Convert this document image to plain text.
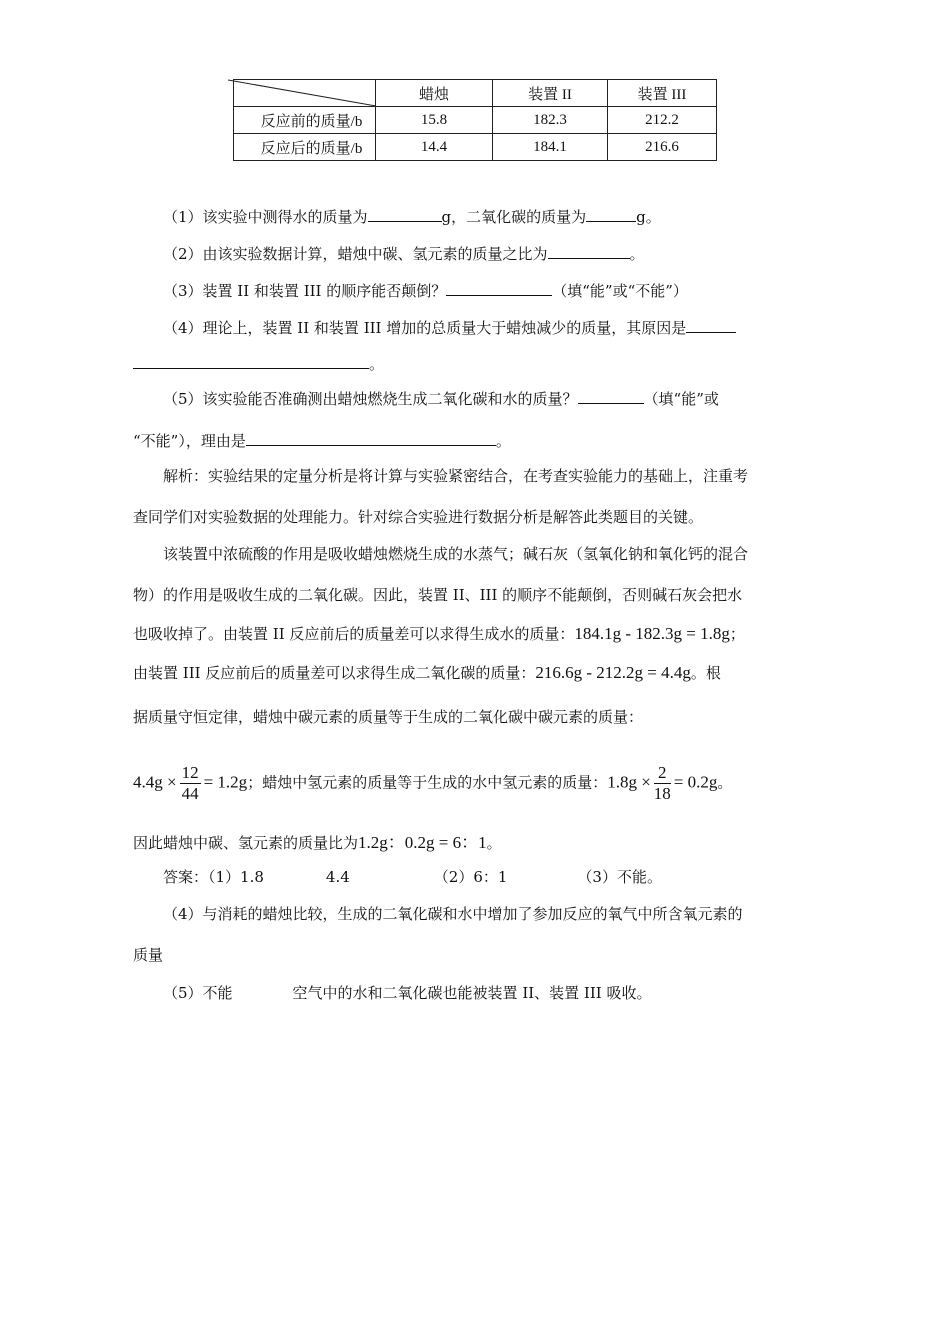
	蜡烛	装置 II	装置 III
反应前的质量/b	15.8	182.3	212.2
反应后的质量/b	14.4	184.1	216.6
（1）该实验中测得水的质量为	g，二氧化碳的质量为	g。
（2）由该实验数据计算，蜡烛中碳、氢元素的质量之比为	。
（3）装置 II 和装置 III 的顺序能否颠倒？	（填“能”或“不能”）
（4）理论上，装置 II 和装置 III 增加的总质量大于蜡烛减少的质量，其原因是
。
（5）该实验能否准确测出蜡烛燃烧生成二氧化碳和水的质量？	（填“能”或
“不能”），理由是	。
解析：实验结果的定量分析是将计算与实验紧密结合，在考查实验能力的基础上，注重考
查同学们对实验数据的处理能力。针对综合实验进行数据分析是解答此类题目的关键。
该装置中浓硫酸的作用是吸收蜡烛燃烧生成的水蒸气；碱石灰（氢氧化钠和氧化钙的混合
物）的作用是吸收生成的二氧化碳。因此，装置 II、III 的顺序不能颠倒，否则碱石灰会把水
也吸收掉了。由装置 II 反应前后的质量差可以求得生成水的质量：184.1g - 182.3g = 1.8g；
由装置 III 反应前后的质量差可以求得生成二氧化碳的质量：216.6g - 212.2g = 4.4g。根
据质量守恒定律，蜡烛中碳元素的质量等于生成的二氧化碳中碳元素的质量：
$4.4g \times \frac{12}{44} = 1.2g$；蜡烛中氢元素的质量等于生成的水中氢元素的质量：$1.8g \times \frac{2}{18} = 0.2g$。
因此蜡烛中碳、氢元素的质量比为1.2g：0.2g = 6：1。
答案：（1）1.8	4.4	（2）6：1	（3）不能。
（4）与消耗的蜡烛比较，生成的二氧化碳和水中增加了参加反应的氧气中所含氧元素的
质量
（5）不能	空气中的水和二氧化碳也能被装置 II、装置 III 吸收。
